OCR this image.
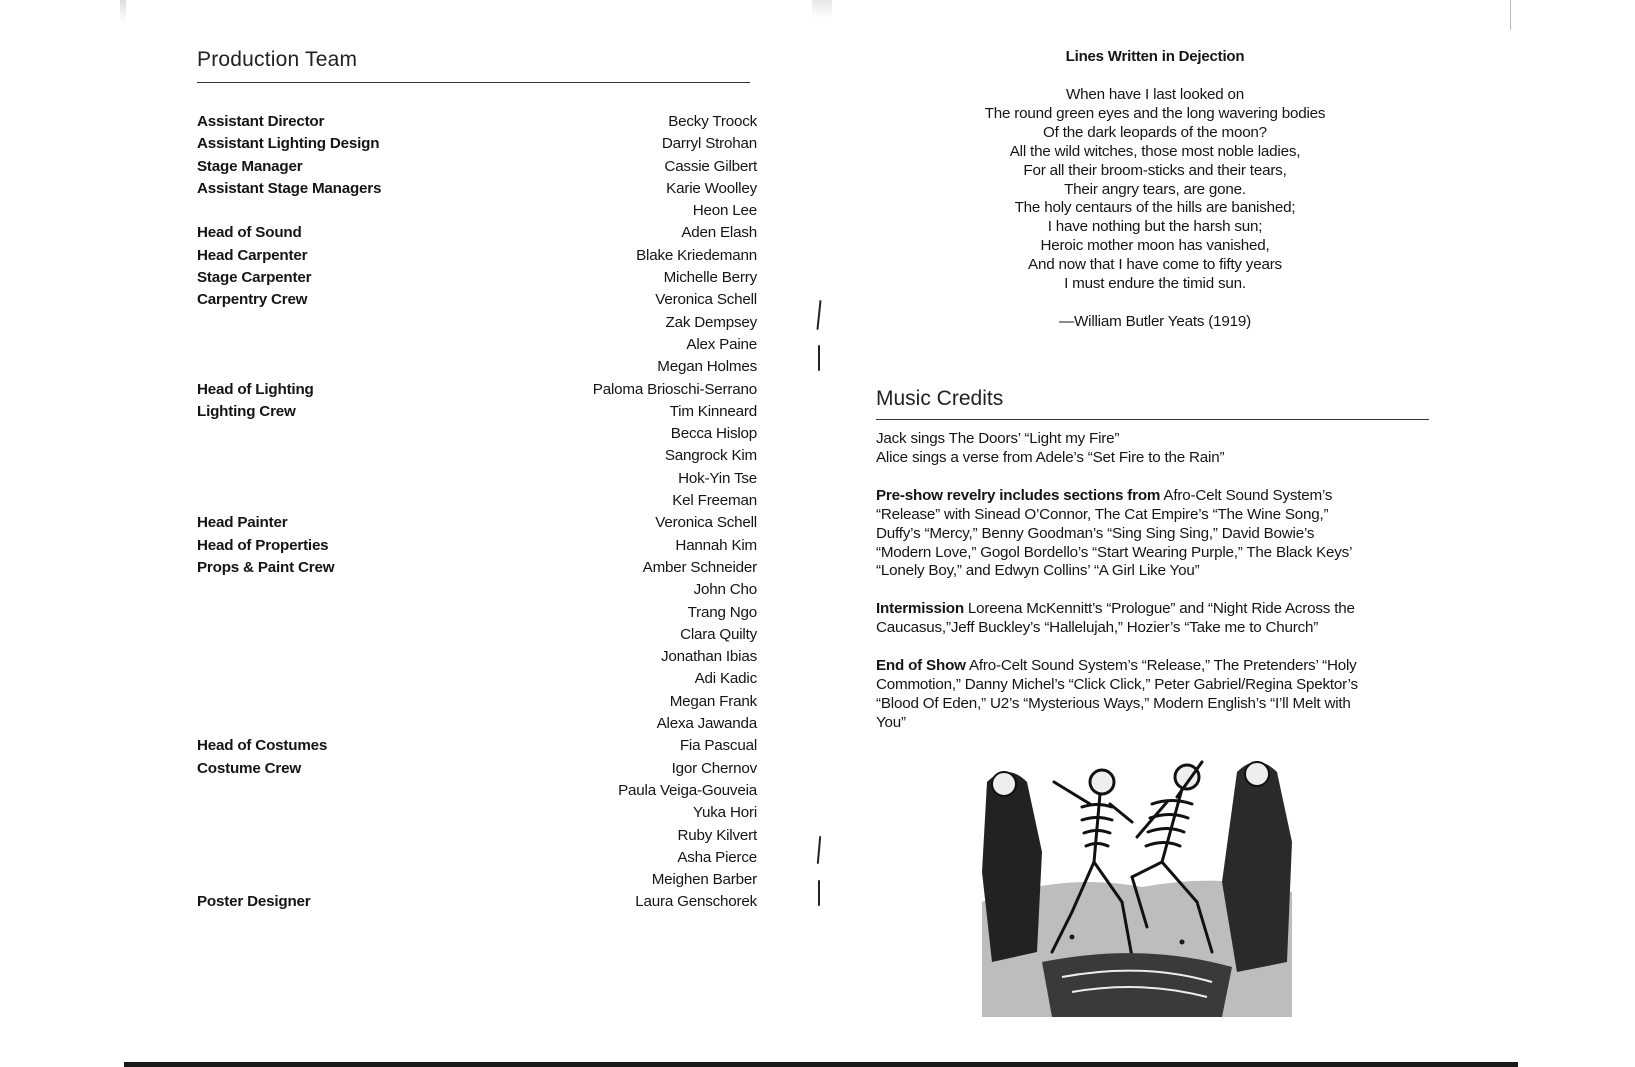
Production Team
Assistant Director	Becky Troock
Assistant Lighting Design	Darryl Strohan
Stage Manager	Cassie Gilbert
Assistant Stage Managers	Karie Woolley
Heon Lee
Head of Sound	Aden Elash
Head Carpenter	Blake Kriedemann
Stage Carpenter	Michelle Berry
Carpentry Crew	Veronica Schell
Zak Dempsey
Alex Paine
Megan Holmes
Head of Lighting	Paloma Brioschi-Serrano
Lighting Crew	Tim Kinneard
Becca Hislop
Sangrock Kim
Hok-Yin Tse
Kel Freeman
Head Painter	Veronica Schell
Head of Properties	Hannah Kim
Props & Paint Crew	Amber Schneider
John Cho
Trang Ngo
Clara Quilty
Jonathan Ibias
Adi Kadic
Megan Frank
Alexa Jawanda
Head of Costumes	Fia Pascual
Costume Crew	Igor Chernov
Paula Veiga-Gouveia
Yuka Hori
Ruby Kilvert
Asha Pierce
Meighen Barber
Poster Designer	Laura Genschorek
Lines Written in Dejection
When have I last looked on
The round green eyes and the long wavering bodies
Of the dark leopards of the moon?
All the wild witches, those most noble ladies,
For all their broom-sticks and their tears,
Their angry tears, are gone.
The holy centaurs of the hills are banished;
I have nothing but the harsh sun;
Heroic mother moon has vanished,
And now that I have come to fifty years
I must endure the timid sun.
—William Butler Yeats (1919)
Music Credits
Jack sings The Doors’ “Light my Fire”
Alice sings a verse from Adele’s “Set Fire to the Rain”
Pre-show revelry includes sections from Afro-Celt Sound System’s
“Release” with Sinead O’Connor, The Cat Empire’s “The Wine Song,”
Duffy’s “Mercy,” Benny Goodman’s “Sing Sing Sing,” David Bowie’s
“Modern Love,” Gogol Bordello’s “Start Wearing Purple,” The Black Keys’
“Lonely Boy,” and Edwyn Collins’ “A Girl Like You”
Intermission Loreena McKennitt’s “Prologue” and “Night Ride Across the
Caucasus,”Jeff Buckley’s “Hallelujah,” Hozier’s “Take me to Church”
End of Show Afro-Celt Sound System’s “Release,” The Pretenders’ “Holy
Commotion,” Danny Michel’s “Click Click,” Peter Gabriel/Regina Spektor’s
“Blood Of Eden,” U2’s “Mysterious Ways,” Modern English’s “I’ll Melt with
You”
